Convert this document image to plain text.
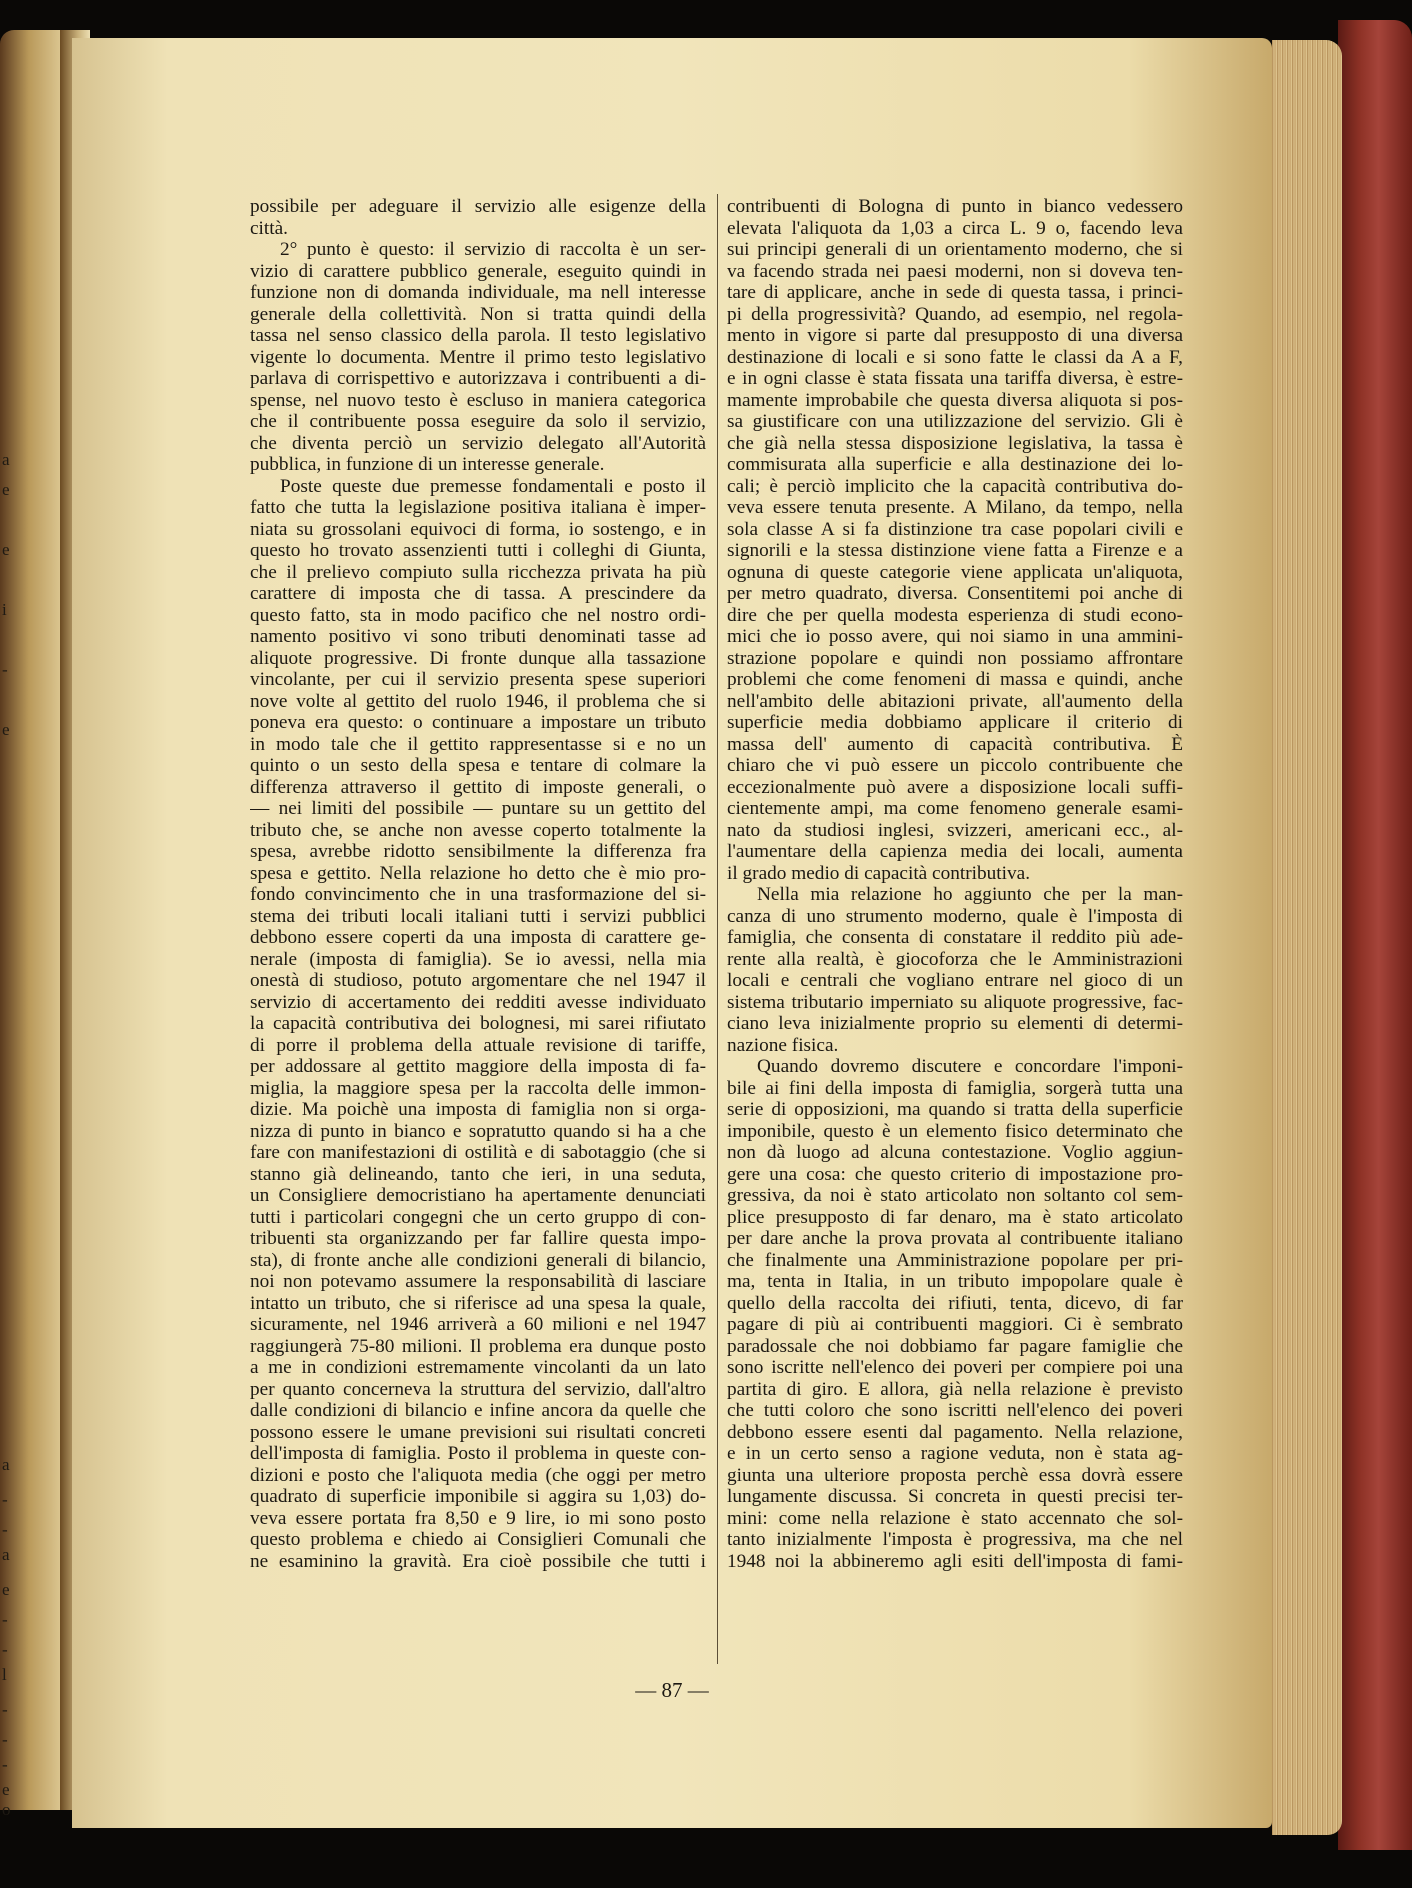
a
e
e
i
-
e
a
-
-
a
e
-
-
l
-
-
-
e
o
possibile per adeguare il servizio alle esigenze della
città.
2° punto è questo: il servizio di raccolta è un ser-
vizio di carattere pubblico generale, eseguito quindi in
funzione non di domanda individuale, ma nell interesse
generale della collettività. Non si tratta quindi della
tassa nel senso classico della parola. Il testo legislativo
vigente lo documenta. Mentre il primo testo legislativo
parlava di corrispettivo e autorizzava i contribuenti a di-
spense, nel nuovo testo è escluso in maniera categorica
che il contribuente possa eseguire da solo il servizio,
che diventa perciò un servizio delegato all'Autorità
pubblica, in funzione di un interesse generale.
Poste queste due premesse fondamentali e posto il
fatto che tutta la legislazione positiva italiana è imper-
niata su grossolani equivoci di forma, io sostengo, e in
questo ho trovato assenzienti tutti i colleghi di Giunta,
che il prelievo compiuto sulla ricchezza privata ha più
carattere di imposta che di tassa. A prescindere da
questo fatto, sta in modo pacifico che nel nostro ordi-
namento positivo vi sono tributi denominati tasse ad
aliquote progressive. Di fronte dunque alla tassazione
vincolante, per cui il servizio presenta spese superiori
nove volte al gettito del ruolo 1946, il problema che si
poneva era questo: o continuare a impostare un tributo
in modo tale che il gettito rappresentasse si e no un
quinto o un sesto della spesa e tentare di colmare la
differenza attraverso il gettito di imposte generali, o
— nei limiti del possibile — puntare su un gettito del
tributo che, se anche non avesse coperto totalmente la
spesa, avrebbe ridotto sensibilmente la differenza fra
spesa e gettito. Nella relazione ho detto che è mio pro-
fondo convincimento che in una trasformazione del si-
stema dei tributi locali italiani tutti i servizi pubblici
debbono essere coperti da una imposta di carattere ge-
nerale (imposta di famiglia). Se io avessi, nella mia
onestà di studioso, potuto argomentare che nel 1947 il
servizio di accertamento dei redditi avesse individuato
la capacità contributiva dei bolognesi, mi sarei rifiutato
di porre il problema della attuale revisione di tariffe,
per addossare al gettito maggiore della imposta di fa-
miglia, la maggiore spesa per la raccolta delle immon-
dizie. Ma poichè una imposta di famiglia non si orga-
nizza di punto in bianco e sopratutto quando si ha a che
fare con manifestazioni di ostilità e di sabotaggio (che si
stanno già delineando, tanto che ieri, in una seduta,
un Consigliere democristiano ha apertamente denunciati
tutti i particolari congegni che un certo gruppo di con-
tribuenti sta organizzando per far fallire questa impo-
sta), di fronte anche alle condizioni generali di bilancio,
noi non potevamo assumere la responsabilità di lasciare
intatto un tributo, che si riferisce ad una spesa la quale,
sicuramente, nel 1946 arriverà a 60 milioni e nel 1947
raggiungerà 75-80 milioni. Il problema era dunque posto
a me in condizioni estremamente vincolanti da un lato
per quanto concerneva la struttura del servizio, dall'altro
dalle condizioni di bilancio e infine ancora da quelle che
possono essere le umane previsioni sui risultati concreti
dell'imposta di famiglia. Posto il problema in queste con-
dizioni e posto che l'aliquota media (che oggi per metro
quadrato di superficie imponibile si aggira su 1,03) do-
veva essere portata fra 8,50 e 9 lire, io mi sono posto
questo problema e chiedo ai Consiglieri Comunali che
ne esaminino la gravità. Era cioè possibile che tutti i
contribuenti di Bologna di punto in bianco vedessero
elevata l'aliquota da 1,03 a circa L. 9 o, facendo leva
sui principi generali di un orientamento moderno, che si
va facendo strada nei paesi moderni, non si doveva ten-
tare di applicare, anche in sede di questa tassa, i princi-
pi della progressività? Quando, ad esempio, nel regola-
mento in vigore si parte dal presupposto di una diversa
destinazione di locali e si sono fatte le classi da A a F,
e in ogni classe è stata fissata una tariffa diversa, è estre-
mamente improbabile che questa diversa aliquota si pos-
sa giustificare con una utilizzazione del servizio. Gli è
che già nella stessa disposizione legislativa, la tassa è
commisurata alla superficie e alla destinazione dei lo-
cali; è perciò implicito che la capacità contributiva do-
veva essere tenuta presente. A Milano, da tempo, nella
sola classe A si fa distinzione tra case popolari civili e
signorili e la stessa distinzione viene fatta a Firenze e a
ognuna di queste categorie viene applicata un'aliquota,
per metro quadrato, diversa. Consentitemi poi anche di
dire che per quella modesta esperienza di studi econo-
mici che io posso avere, qui noi siamo in una ammini-
strazione popolare e quindi non possiamo affrontare
problemi che come fenomeni di massa e quindi, anche
nell'ambito delle abitazioni private, all'aumento della
superficie media dobbiamo applicare il criterio di
massa dell' aumento di capacità contributiva. È
chiaro che vi può essere un piccolo contribuente che
eccezionalmente può avere a disposizione locali suffi-
cientemente ampi, ma come fenomeno generale esami-
nato da studiosi inglesi, svizzeri, americani ecc., al-
l'aumentare della capienza media dei locali, aumenta
il grado medio di capacità contributiva.
Nella mia relazione ho aggiunto che per la man-
canza di uno strumento moderno, quale è l'imposta di
famiglia, che consenta di constatare il reddito più ade-
rente alla realtà, è giocoforza che le Amministrazioni
locali e centrali che vogliano entrare nel gioco di un
sistema tributario imperniato su aliquote progressive, fac-
ciano leva inizialmente proprio su elementi di determi-
nazione fisica.
Quando dovremo discutere e concordare l'imponi-
bile ai fini della imposta di famiglia, sorgerà tutta una
serie di opposizioni, ma quando si tratta della superficie
imponibile, questo è un elemento fisico determinato che
non dà luogo ad alcuna contestazione. Voglio aggiun-
gere una cosa: che questo criterio di impostazione pro-
gressiva, da noi è stato articolato non soltanto col sem-
plice presupposto di far denaro, ma è stato articolato
per dare anche la prova provata al contribuente italiano
che finalmente una Amministrazione popolare per pri-
ma, tenta in Italia, in un tributo impopolare quale è
quello della raccolta dei rifiuti, tenta, dicevo, di far
pagare di più ai contribuenti maggiori. Ci è sembrato
paradossale che noi dobbiamo far pagare famiglie che
sono iscritte nell'elenco dei poveri per compiere poi una
partita di giro. E allora, già nella relazione è previsto
che tutti coloro che sono iscritti nell'elenco dei poveri
debbono essere esenti dal pagamento. Nella relazione,
e in un certo senso a ragione veduta, non è stata ag-
giunta una ulteriore proposta perchè essa dovrà essere
lungamente discussa. Si concreta in questi precisi ter-
mini: come nella relazione è stato accennato che sol-
tanto inizialmente l'imposta è progressiva, ma che nel
1948 noi la abbineremo agli esiti dell'imposta di fami-
— 87 —
